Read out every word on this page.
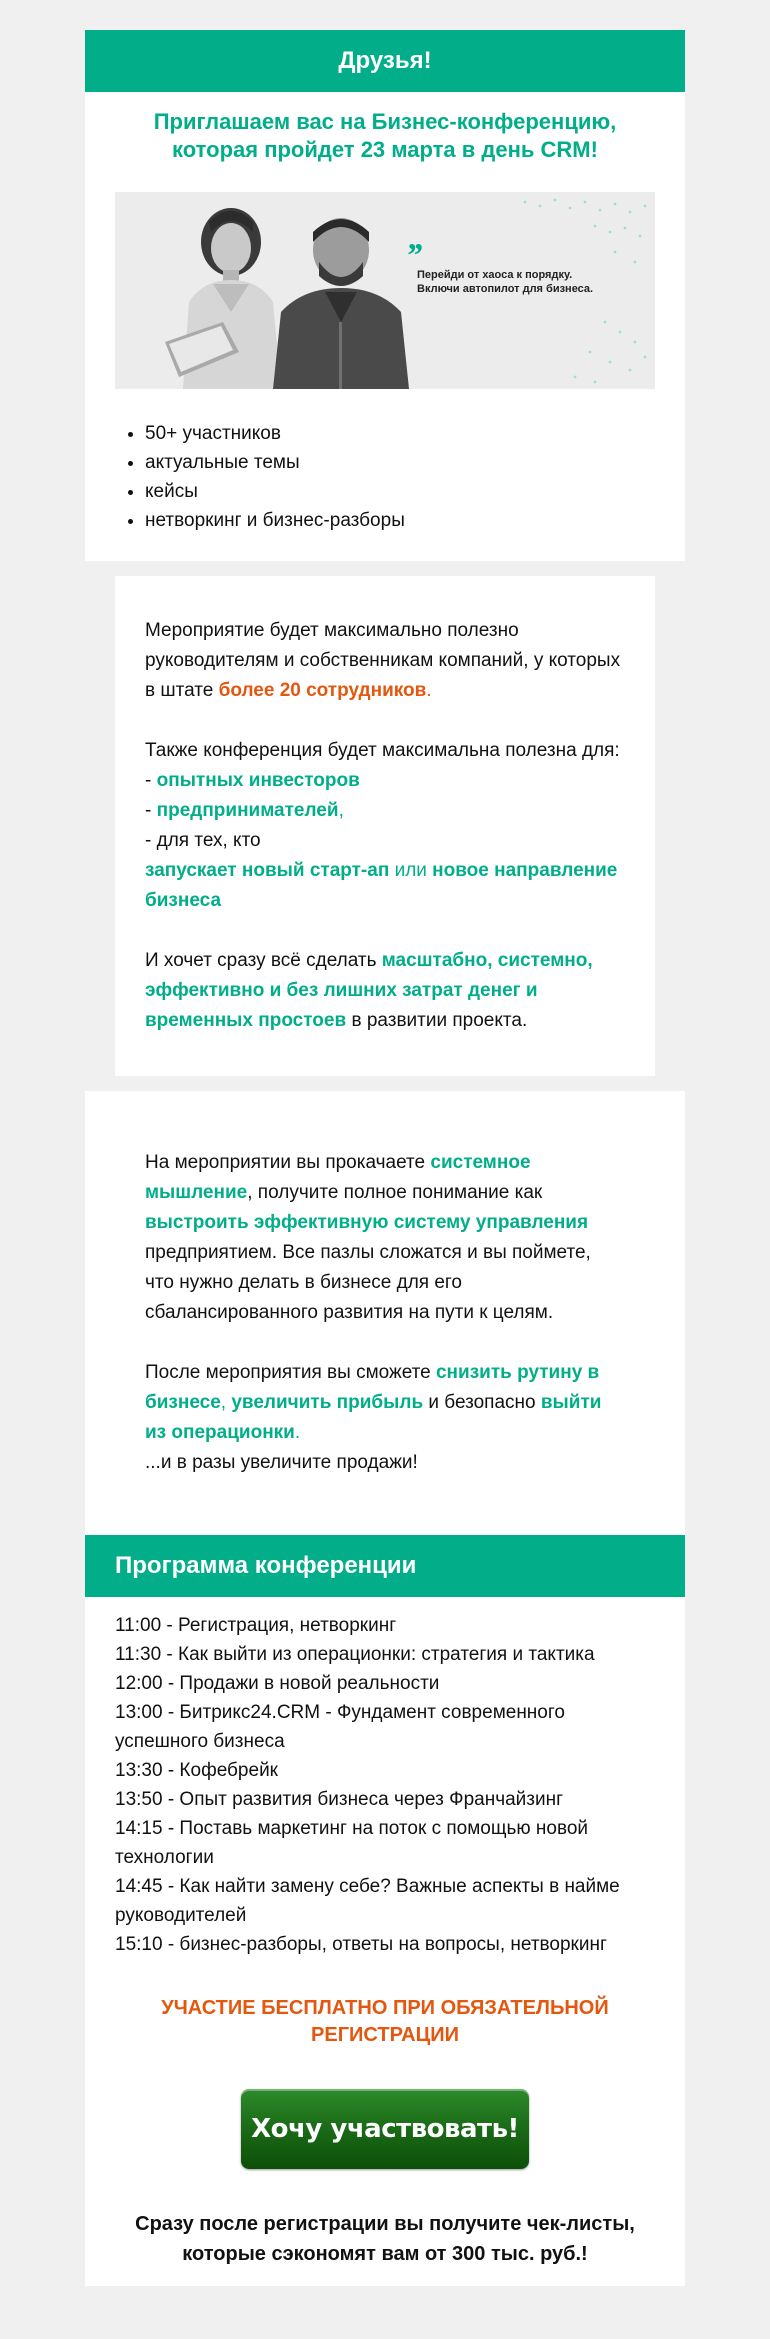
Друзья!
Приглашаем вас на Бизнес-конференцию,
которая пройдет 23 марта в день CRM!
,,
Перейди от хаоса к порядку.
Включи автопилот для бизнеса.
• 50+ участников
• актуальные темы
• кейсы
• нетворкинг и бизнес-разборы

Мероприятие будет максимально полезно руководителям и собственникам компаний, у которых в штате более 20 сотрудников.

Также конференция будет максимальна полезна для:
- опытных инвесторов
- предпринимателей,
- для тех, кто
запускает новый старт-ап или новое направление бизнеса

И хочет сразу всё сделать масштабно, системно, эффективно и без лишних затрат денег и временных простоев в развитии проекта.

На мероприятии вы прокачаете системное мышление, получите полное понимание как выстроить эффективную систему управления предприятием. Все пазлы сложатся и вы поймете, что нужно делать в бизнесе для его сбалансированного развития на пути к целям.

После мероприятия вы сможете снизить рутину в бизнесе, увеличить прибыль и безопасно выйти из операционки.
...и в разы увеличите продажи!

Программа конференции
11:00 - Регистрация, нетворкинг
11:30 - Как выйти из операционки: стратегия и тактика
12:00 - Продажи в новой реальности
13:00 - Битрикс24.CRM - Фундамент современного успешного бизнеса
13:30 - Кофебрейк
13:50 - Опыт развития бизнеса через Франчайзинг
14:15 - Поставь маркетинг на поток с помощью новой технологии
14:45 - Как найти замену себе? Важные аспекты в найме руководителей
15:10 - бизнес-разборы, ответы на вопросы, нетворкинг
УЧАСТИЕ БЕСПЛАТНО ПРИ ОБЯЗАТЕЛЬНОЙ РЕГИСТРАЦИИ
Хочу участвовать!
Сразу после регистрации вы получите чек-листы, которые сэкономят вам от 300 тыс. руб.!
